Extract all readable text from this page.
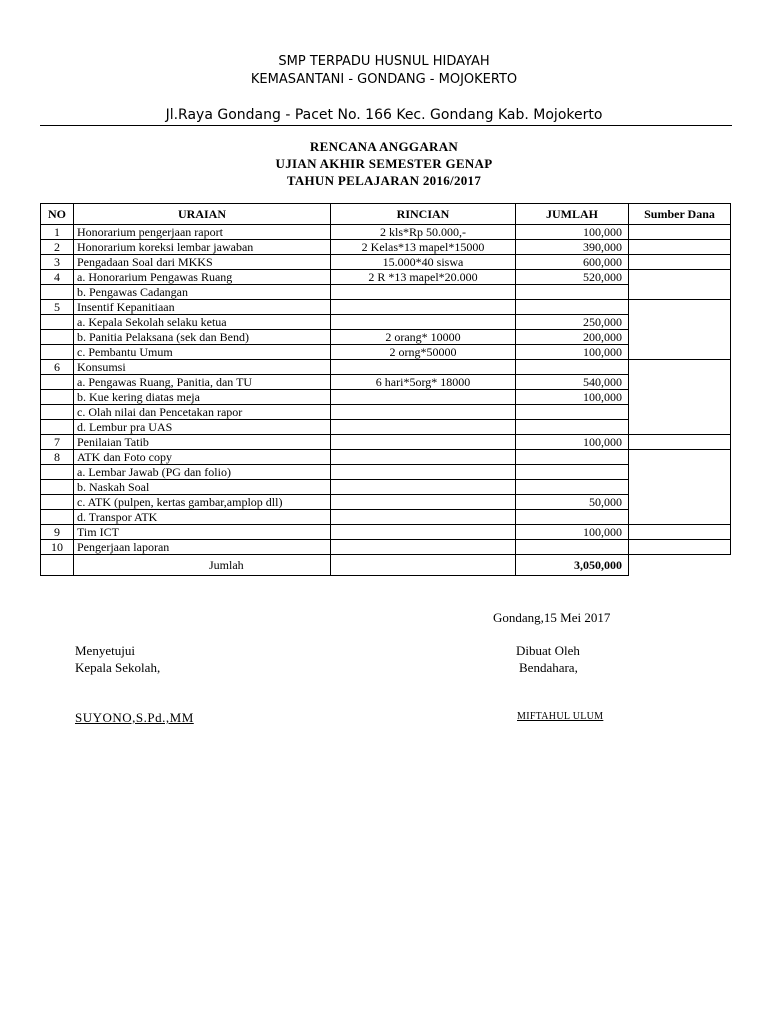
SMP TERPADU HUSNUL HIDAYAH
KEMASANTANI - GONDANG - MOJOKERTO
Jl.Raya Gondang - Pacet No. 166 Kec. Gondang Kab. Mojokerto
RENCANA ANGGARAN
UJIAN AKHIR SEMESTER GENAP
TAHUN PELAJARAN 2016/2017
NO	URAIAN	RINCIAN	JUMLAH	Sumber Dana
1	Honorarium pengerjaan raport	2 kls*Rp 50.000,-	100,000	
2	Honorarium koreksi lembar jawaban	2 Kelas*13 mapel*15000	390,000	
3	Pengadaan Soal dari MKKS	15.000*40 siswa	600,000	
4	a. Honorarium Pengawas Ruang	2 R *13 mapel*20.000	520,000	
	b. Pengawas Cadangan			
5	Insentif Kepanitiaan			
	a. Kepala Sekolah selaku ketua		250,000	
	b. Panitia Pelaksana (sek dan Bend)	2 orang* 10000	200,000	
	c. Pembantu Umum	2 orng*50000	100,000	
6	Konsumsi			
	a. Pengawas Ruang, Panitia, dan TU	6 hari*5org* 18000	540,000	
	b. Kue kering diatas meja		100,000	
	c. Olah nilai dan Pencetakan rapor			
	d. Lembur pra UAS			
7	Penilaian Tatib		100,000	
8	ATK dan Foto copy			
	a. Lembar Jawab (PG dan folio)			
	b. Naskah Soal			
	c. ATK (pulpen, kertas gambar,amplop dll)		50,000	
	d. Transpor ATK			
9	Tim ICT		100,000	
10	Pengerjaan laporan			
	Jumlah		3,050,000	
Gondang,15 Mei 2017
Menyetujui
Kepala Sekolah,
Dibuat Oleh
Bendahara,
SUYONO,S.Pd.,MM	MIFTAHUL ULUM
